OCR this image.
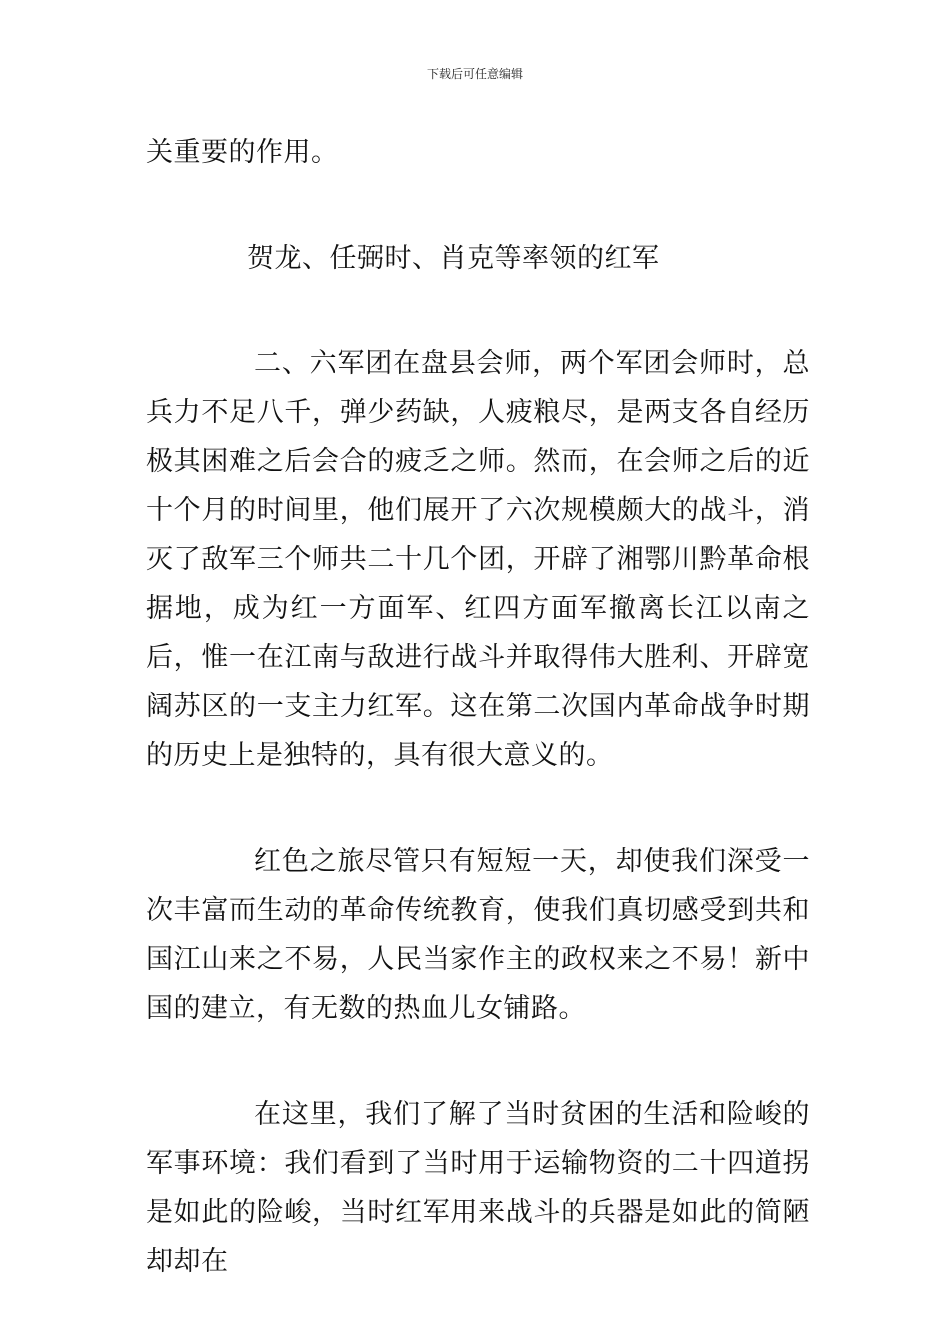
下载后可任意编辑

关重要的作用。

贺龙、任弼时、肖克等率领的红军

二、六军团在盘县会师，两个军团会师时，总兵力不足八千，弹少药缺，人疲粮尽，是两支各自经历极其困难之后会合的疲乏之师。然而，在会师之后的近十个月的时间里，他们展开了六次规模颇大的战斗，消灭了敌军三个师共二十几个团，开辟了湘鄂川黔革命根据地，成为红一方面军、红四方面军撤离长江以南之后，惟一在江南与敌进行战斗并取得伟大胜利、开辟宽阔苏区的一支主力红军。这在第二次国内革命战争时期的历史上是独特的，具有很大意义的。

红色之旅尽管只有短短一天，却使我们深受一次丰富而生动的革命传统教育，使我们真切感受到共和国江山来之不易，人民当家作主的政权来之不易！新中国的建立，有无数的热血儿女铺路。

在这里，我们了解了当时贫困的生活和险峻的军事环境：我们看到了当时用于运输物资的二十四道拐是如此的险峻，当时红军用来战斗的兵器是如此的简陋却却在
